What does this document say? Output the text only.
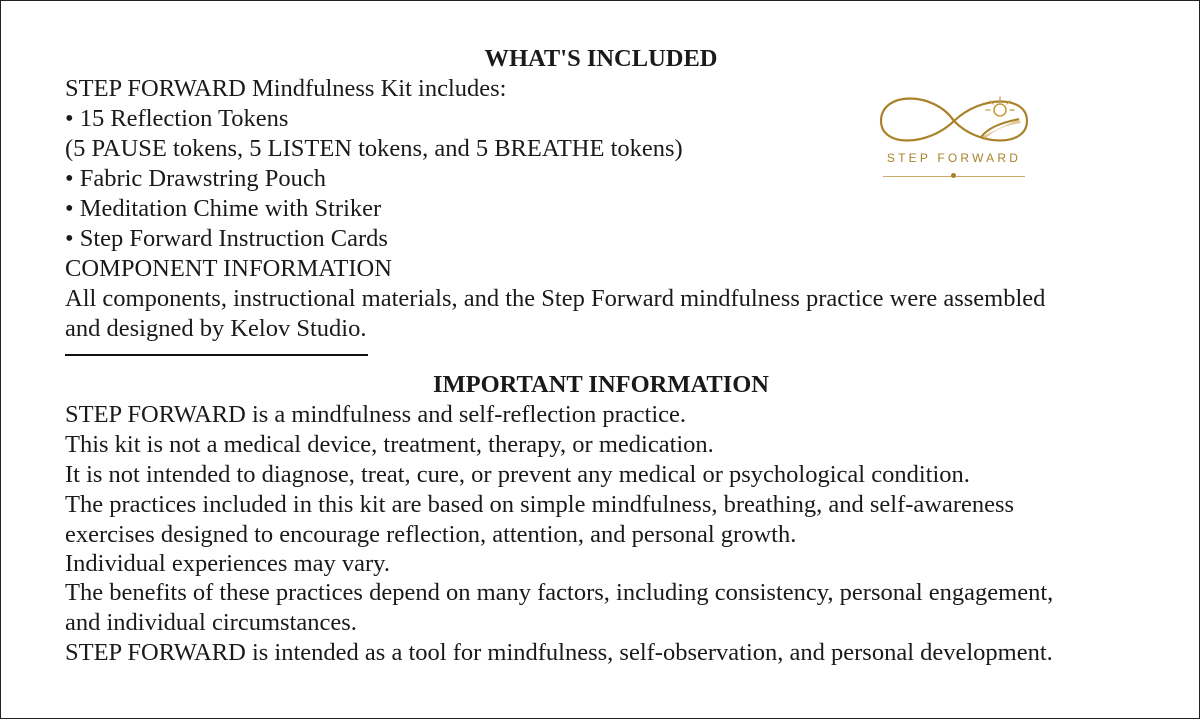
WHAT'S INCLUDED
STEP FORWARD Mindfulness Kit includes:
• 15 Reflection Tokens
(5 PAUSE tokens, 5 LISTEN tokens, and 5 BREATHE tokens)
• Fabric Drawstring Pouch
• Meditation Chime with Striker
• Step Forward Instruction Cards
COMPONENT INFORMATION
All components, instructional materials, and the Step Forward mindfulness practice were assembled
and designed by Kelov Studio.
STEP FORWARD
IMPORTANT INFORMATION
STEP FORWARD is a mindfulness and self-reflection practice.
This kit is not a medical device, treatment, therapy, or medication.
It is not intended to diagnose, treat, cure, or prevent any medical or psychological condition.
The practices included in this kit are based on simple mindfulness, breathing, and self-awareness
exercises designed to encourage reflection, attention, and personal growth.
Individual experiences may vary.
The benefits of these practices depend on many factors, including consistency, personal engagement,
and individual circumstances.
STEP FORWARD is intended as a tool for mindfulness, self-observation, and personal development.
